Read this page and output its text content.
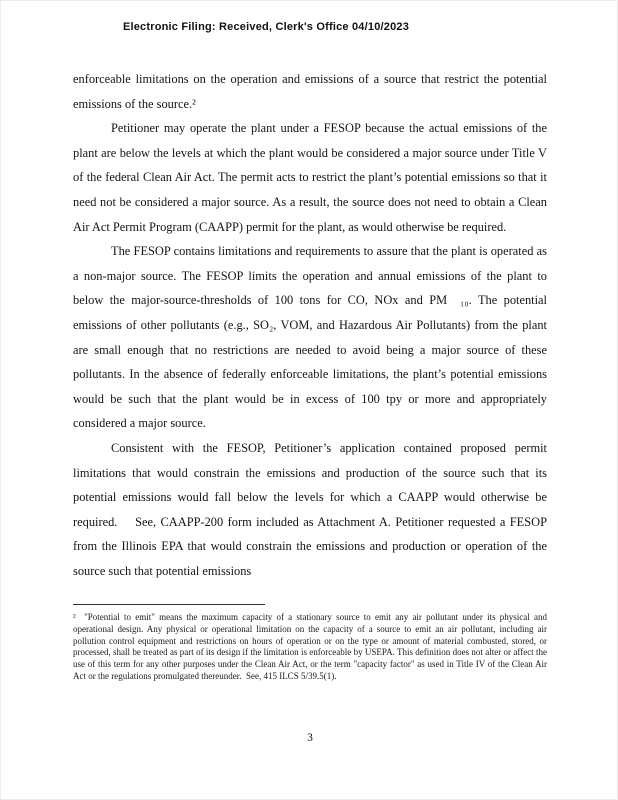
Electronic Filing: Received, Clerk's Office 04/10/2023

enforceable limitations on the operation and emissions of a source that restrict the potential emissions of the source.²

Petitioner may operate the plant under a FESOP because the actual emissions of the plant are below the levels at which the plant would be considered a major source under Title V of the federal Clean Air Act. The permit acts to restrict the plant’s potential emissions so that it need not be considered a major source. As a result, the source does not need to obtain a Clean Air Act Permit Program (CAAPP) permit for the plant, as would otherwise be required.

The FESOP contains limitations and requirements to assure that the plant is operated as a non-major source. The FESOP limits the operation and annual emissions of the plant to below the major-source-thresholds of 100 tons for CO, NOx and PM  ₁₀. The potential emissions of other pollutants (e.g., SO₂, VOM, and Hazardous Air Pollutants) from the plant are small enough that no restrictions are needed to avoid being a major source of these pollutants. In the absence of federally enforceable limitations, the plant’s potential emissions would be such that the plant would be in excess of 100 tpy or more and appropriately considered a major source.

Consistent with the FESOP, Petitioner’s application contained proposed permit limitations that would constrain the emissions and production of the source such that its potential emissions would fall below the levels for which a CAAPP would otherwise be required.    See, CAAPP-200 form included as Attachment A. Petitioner requested a FESOP from the Illinois EPA that would constrain the emissions and production or operation of the source such that potential emissions

²  "Potential to emit" means the maximum capacity of a stationary source to emit any air pollutant under its physical and operational design. Any physical or operational limitation on the capacity of a source to emit an air pollutant, including air pollution control equipment and restrictions on hours of operation or on the type or amount of material combusted, stored, or processed, shall be treated as part of its design if the limitation is enforceable by USEPA. This definition does not alter or affect the use of this term for any other purposes under the Clean Air Act, or the term "capacity factor" as used in Title IV of the Clean Air Act or the regulations promulgated thereunder.  See, 415 ILCS 5/39.5(1).
3
